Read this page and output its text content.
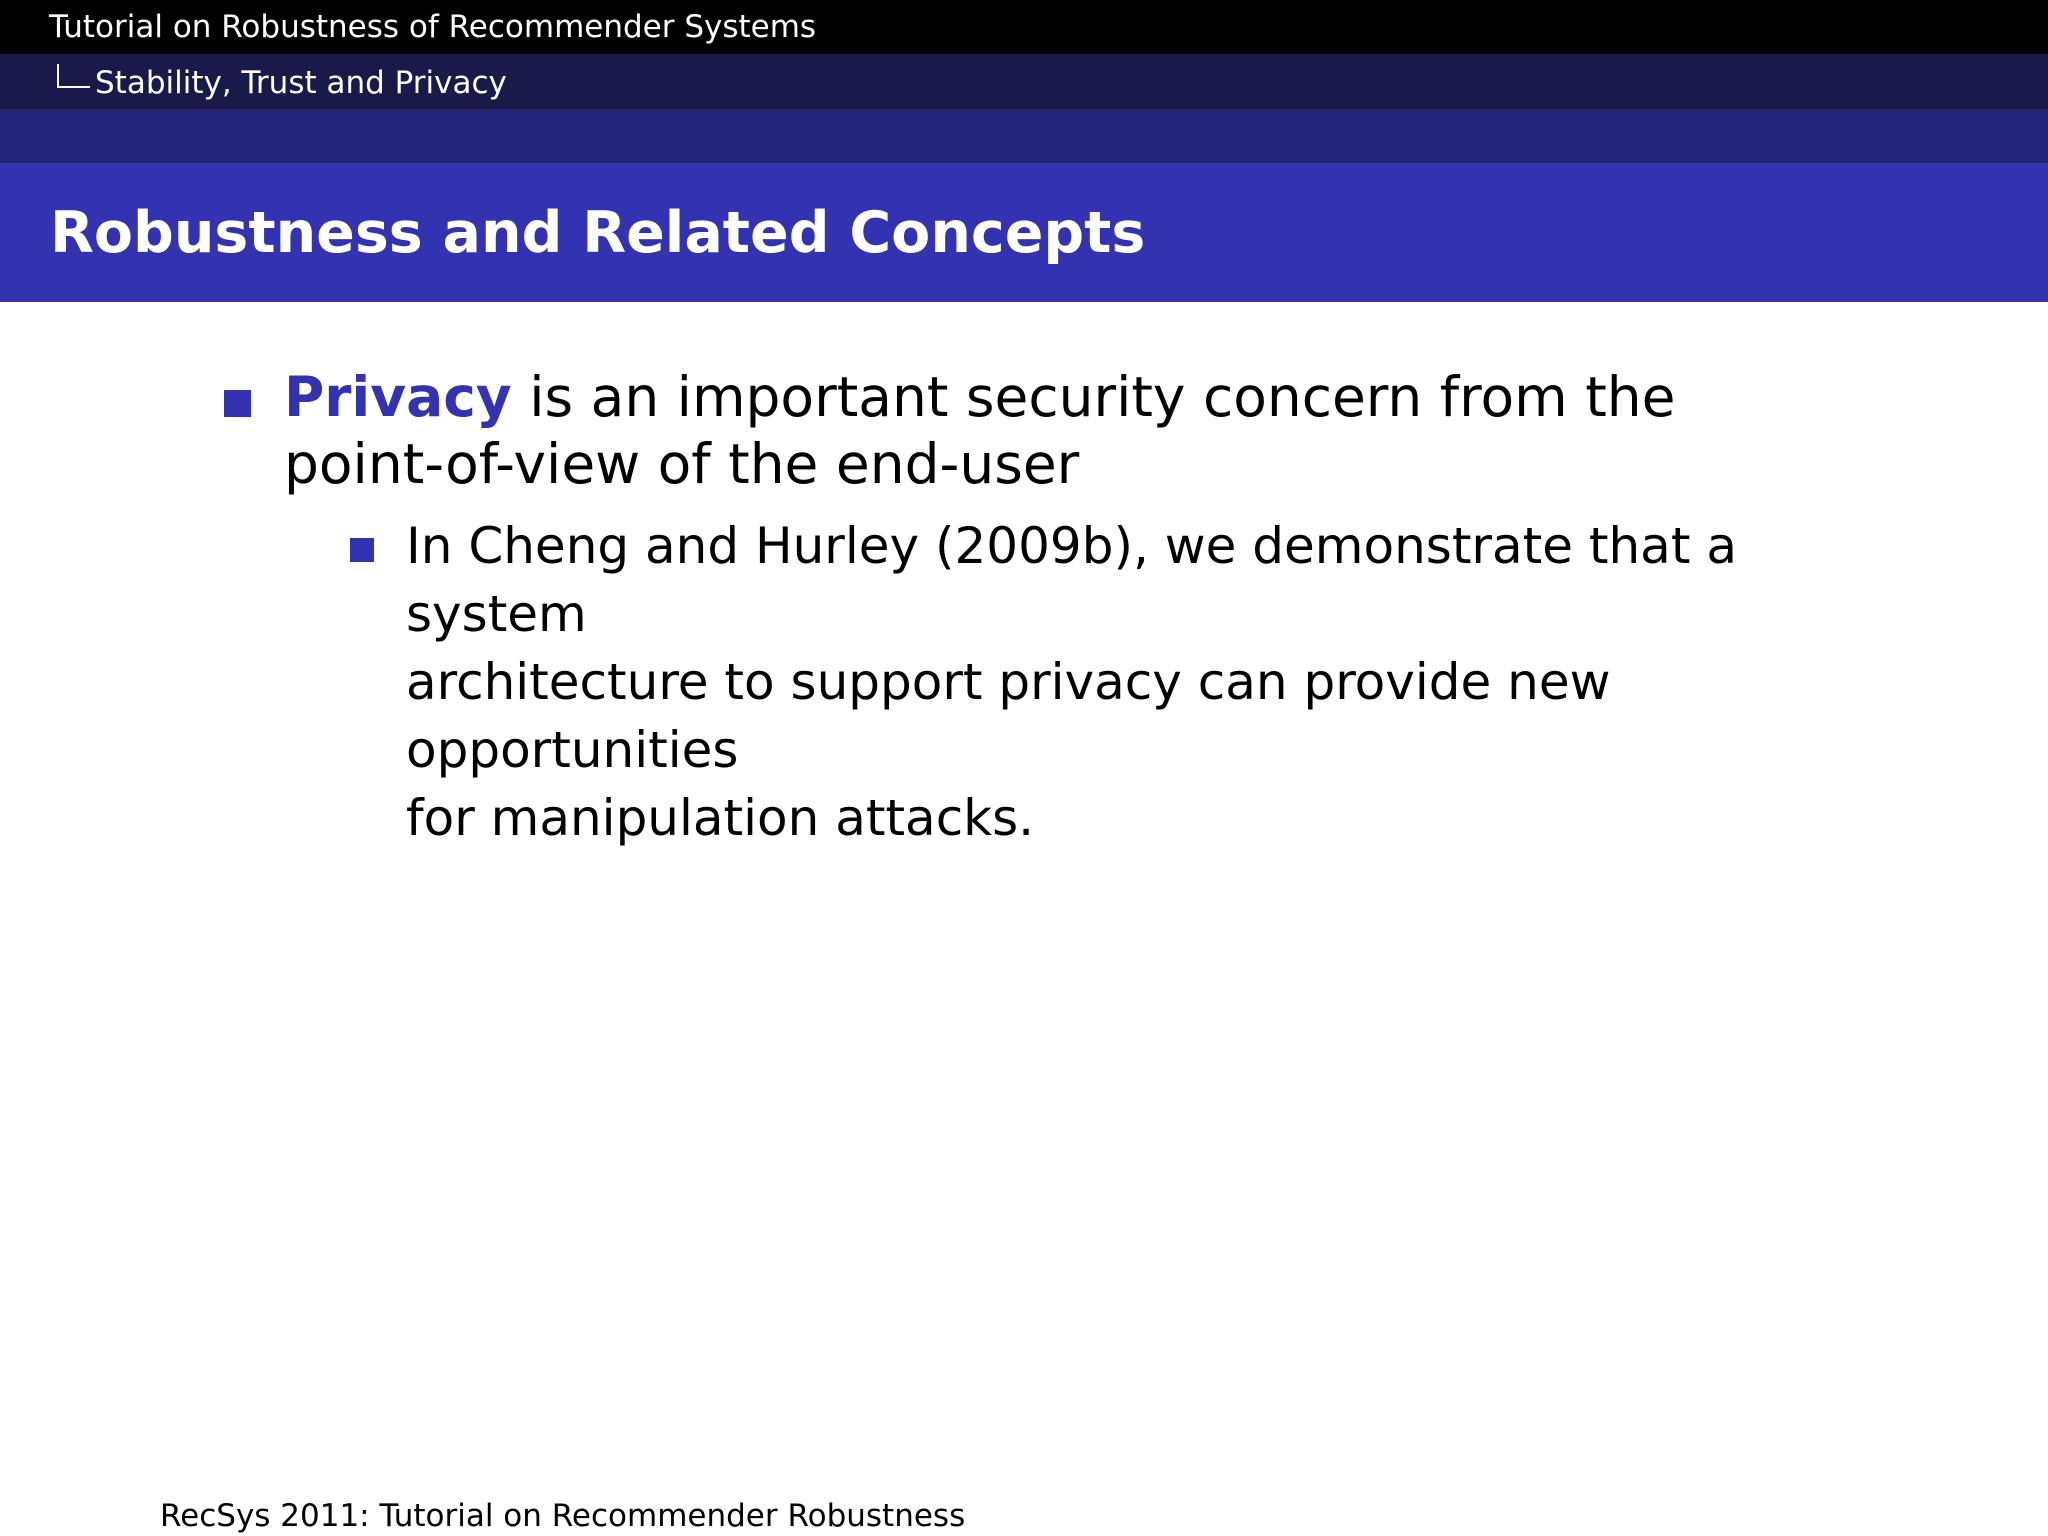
Tutorial on Robustness of Recommender Systems
Stability, Trust and Privacy
Robustness and Related Concepts
Privacy is an important security concern from the
point-of-view of the end-user
In Cheng and Hurley (2009b), we demonstrate that a system
architecture to support privacy can provide new opportunities
for manipulation attacks.
RecSys 2011: Tutorial on Recommender Robustness
